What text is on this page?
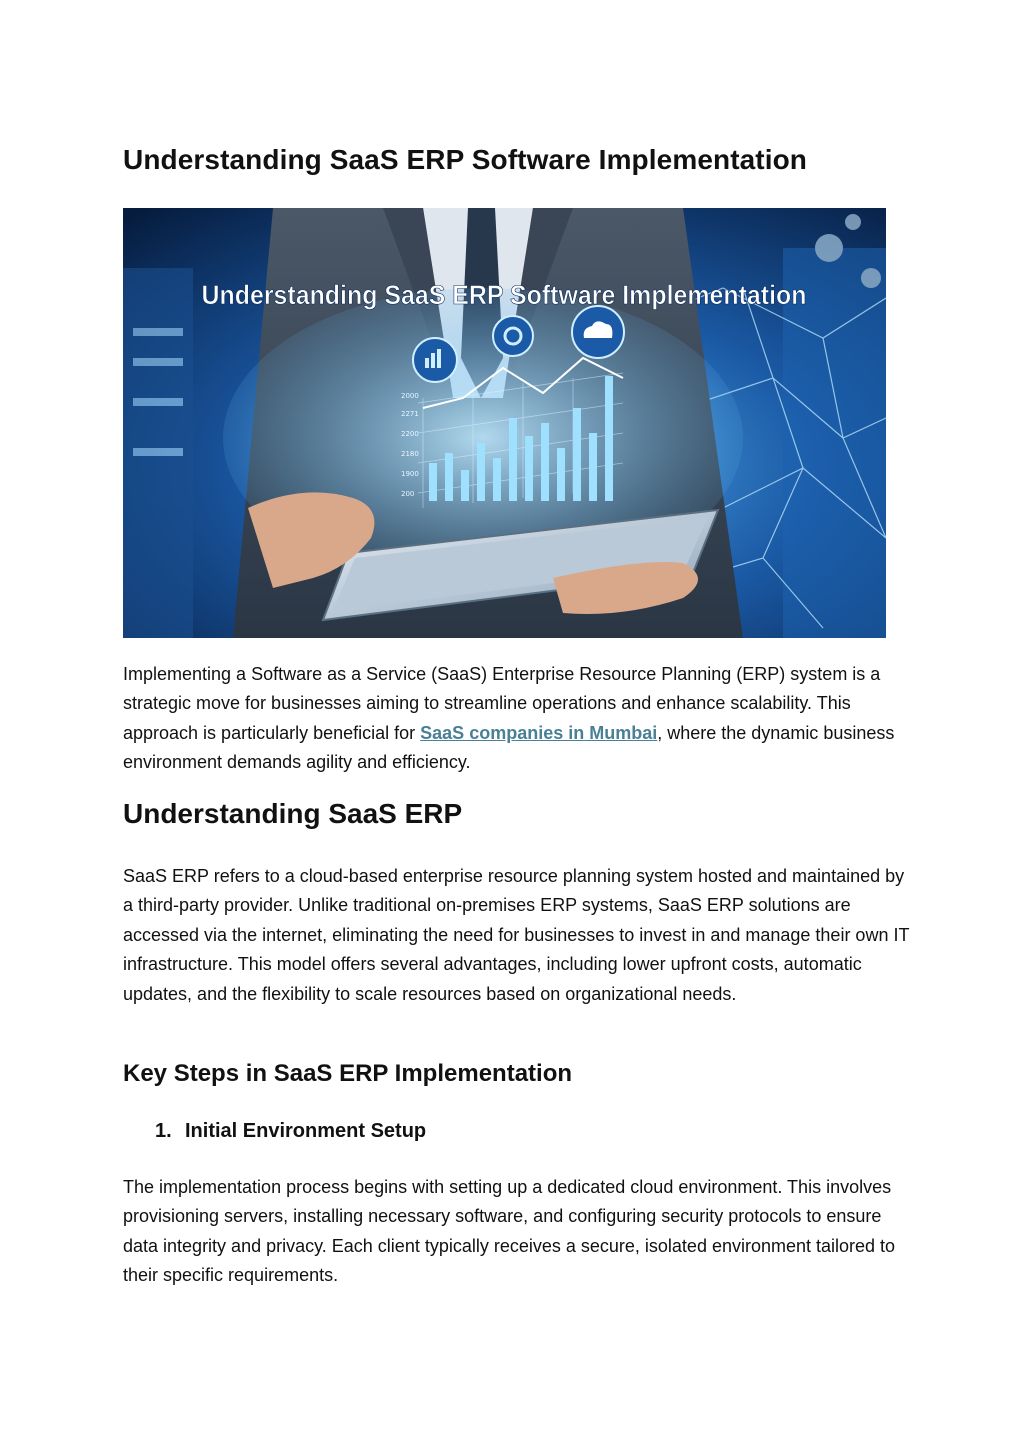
Understanding SaaS ERP Software Implementation
2000
2271
2200
2180
1900
200
Understanding SaaS ERP Software Implementation

Implementing a Software as a Service (SaaS) Enterprise Resource Planning (ERP) system is a strategic move for businesses aiming to streamline operations and enhance scalability. This approach is particularly beneficial for SaaS companies in Mumbai, where the dynamic business environment demands agility and efficiency.

Understanding SaaS ERP

SaaS ERP refers to a cloud-based enterprise resource planning system hosted and maintained by a third-party provider. Unlike traditional on-premises ERP systems, SaaS ERP solutions are accessed via the internet, eliminating the need for businesses to invest in and manage their own IT infrastructure. This model offers several advantages, including lower upfront costs, automatic updates, and the flexibility to scale resources based on organizational needs.

Key Steps in SaaS ERP Implementation
1. Initial Environment Setup

The implementation process begins with setting up a dedicated cloud environment. This involves provisioning servers, installing necessary software, and configuring security protocols to ensure data integrity and privacy. Each client typically receives a secure, isolated environment tailored to their specific requirements.
